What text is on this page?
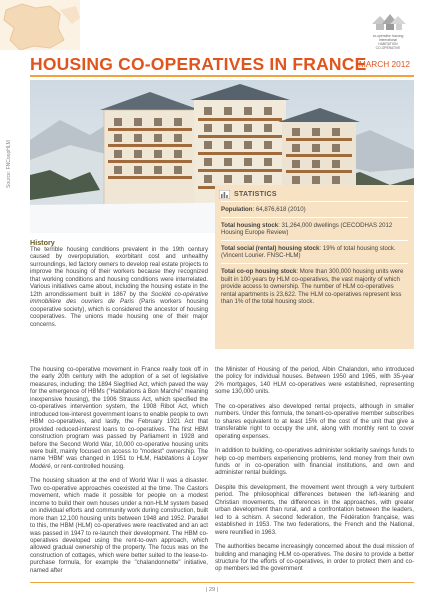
co-opérative housing
international
HABITATION
CO-OPÉRATIVE
HOUSING CO-OPERATIVES IN FRANCE
MARCH 2012
Source: FNCoopHLM
STATISTICS
Population: 64,876,618 (2010)
Total housing stock: 31,264,000 dwellings (CECODHAS 2012 Housing Europe Review)
Total social (rental) housing stock: 19% of total housing stock. (Vincent Lourier. FNSC-HLM)
Total co-op housing stock: More than 300,000 housing units were built in 100 years by HLM co-operatives, the vast majority of which provide access to ownership. The number of HLM co-operatives rental apartments is 23,622. The HLM co-operatives represent less than 1% of the total housing stock.
History

The terrible housing conditions prevalent in the 19th century caused by overpopulation, exorbitant cost and unhealthy surroundings, led factory owners to develop real estate projects to improve the housing of their workers because they recognized that working conditions and housing conditions were interrelated. Various initiatives came about, including the housing estate in the 12th arrondissement built in 1867 by the Société co-opérative immobilière des ouvriers de Paris (Paris workers housing cooperative society), which is considered the ancestor of housing cooperatives. The unions made housing one of their major concerns.

The housing co-operative movement in France really took off in the early 20th century with the adoption of a set of legislative measures, including: the 1894 Siegfried Act, which paved the way for the emergence of HBMs ("Habitations à Bon Marché" meaning inexpensive housing), the 1906 Strauss Act, which specified the co-operatives intervention system, the 1908 Ribot Act, which introduced low-interest government loans to enable people to own HBM co-operatives, and lastly, the February 1921 Act that provided reduced-interest loans to co-operatives. The first HBM construction program was passed by Parliament in 1928 and before the Second World War, 10,000 co-operative housing units were built, mainly focused on access to "modest" ownership. The name 'HBM' was changed in 1951 to HLM, Habitations à Loyer Modéré, or rent-controlled housing.

The housing situation at the end of World War II was a disaster. Two co-operative approaches coexisted at the time. The Castors movement, which made it possible for people on a modest income to build their own houses under a non-HLM system based on individual efforts and community work during construction, built more than 12,100 housing units between 1948 and 1952. Parallel to this, the HBM (HLM) co-operatives were reactivated and an act was passed in 1947 to re-launch their development. The HBM co-operatives developed using the rent-to-own approach, which allowed gradual ownership of the property. The focus was on the construction of cottages, which were better suited to the lease-to-purchase formula, for example the "chalandonnette" initiative, named after

the Minister of Housing of the period, Albin Chalandon, who introduced the policy for individual houses. Between 1950 and 1965, with 35-year 2% mortgages, 140 HLM co-operatives were established, representing some 130,000 units.

The co-operatives also developed rental projects, although in smaller numbers. Under this formula, the tenant-co-operative member subscribes to shares equivalent to at least 15% of the cost of the unit that give a transferable right to occupy the unit, along with monthly rent to cover operating expenses.

In addition to building, co-operatives administer solidarity savings funds to help co-op members experiencing problems, lend money from their own funds or in co-operation with financial institutions, and own and administer rental buildings.

Despite this development, the movement went through a very turbulent period. The philosophical differences between the left-leaning and Christian movements, the differences in the approaches, with greater urban development than rural, and a confrontation between the leaders, led to a schism. A second federation, the Fédération française, was established in 1953. The two federations, the French and the National, were reunified in 1963.

The authorities became increasingly concerned about the dual mission of building and managing HLM co-operatives. The desire to provide a better structure for the efforts of co-operatives, in order to protect them and co-op members led the government

| 29 |
